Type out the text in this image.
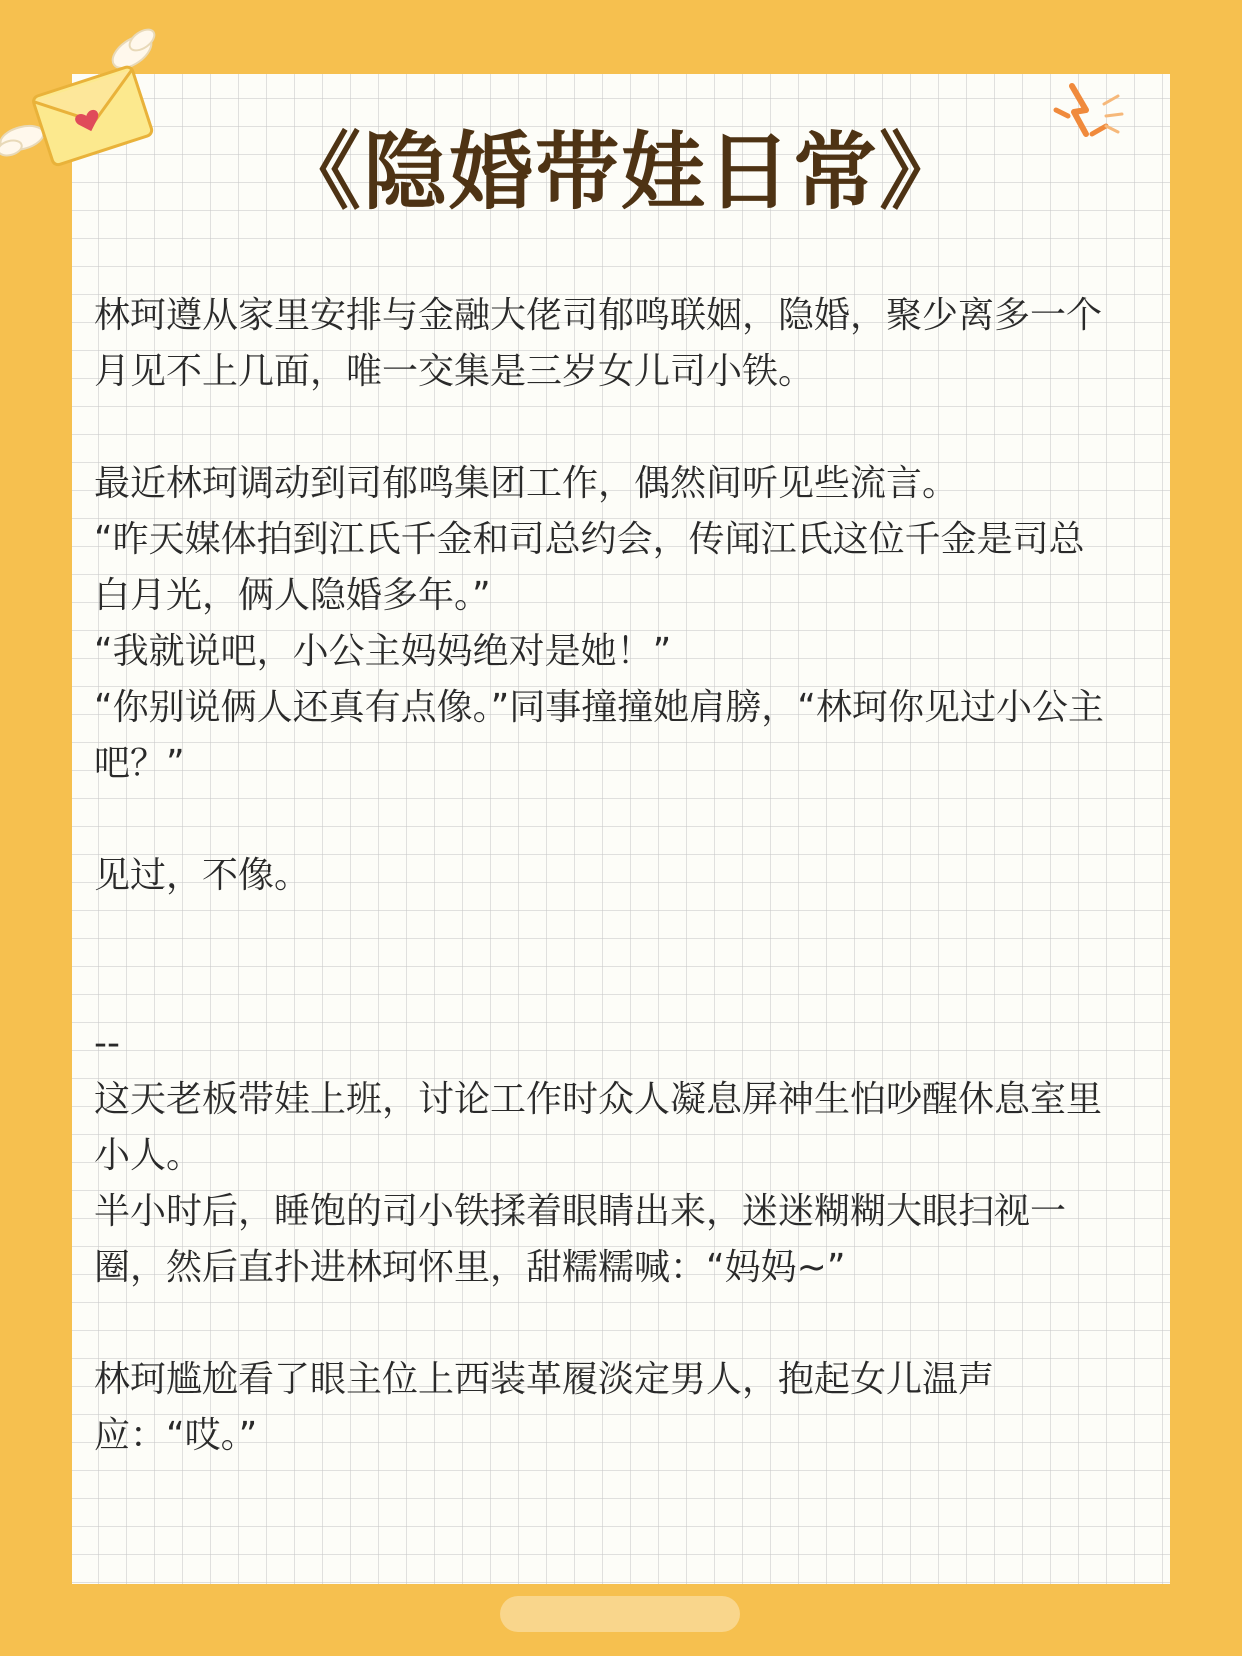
《隐婚带娃日常》

林珂遵从家里安排与金融大佬司郁鸣联姻，隐婚，聚少离多一个月见不上几面，唯一交集是三岁女儿司小铁。

最近林珂调动到司郁鸣集团工作，偶然间听见些流言。

“昨天媒体拍到江氏千金和司总约会，传闻江氏这位千金是司总白月光，俩人隐婚多年。”

“我就说吧，小公主妈妈绝对是她！”

“你别说俩人还真有点像。”同事撞撞她肩膀，“林珂你见过小公主吧？”

见过，不像。

--

这天老板带娃上班，讨论工作时众人凝息屏神生怕吵醒休息室里小人。

半小时后，睡饱的司小铁揉着眼睛出来，迷迷糊糊大眼扫视一圈，然后直扑进林珂怀里，甜糯糯喊：“妈妈~”

林珂尴尬看了眼主位上西装革履淡定男人，抱起女儿温声应：“哎。”
